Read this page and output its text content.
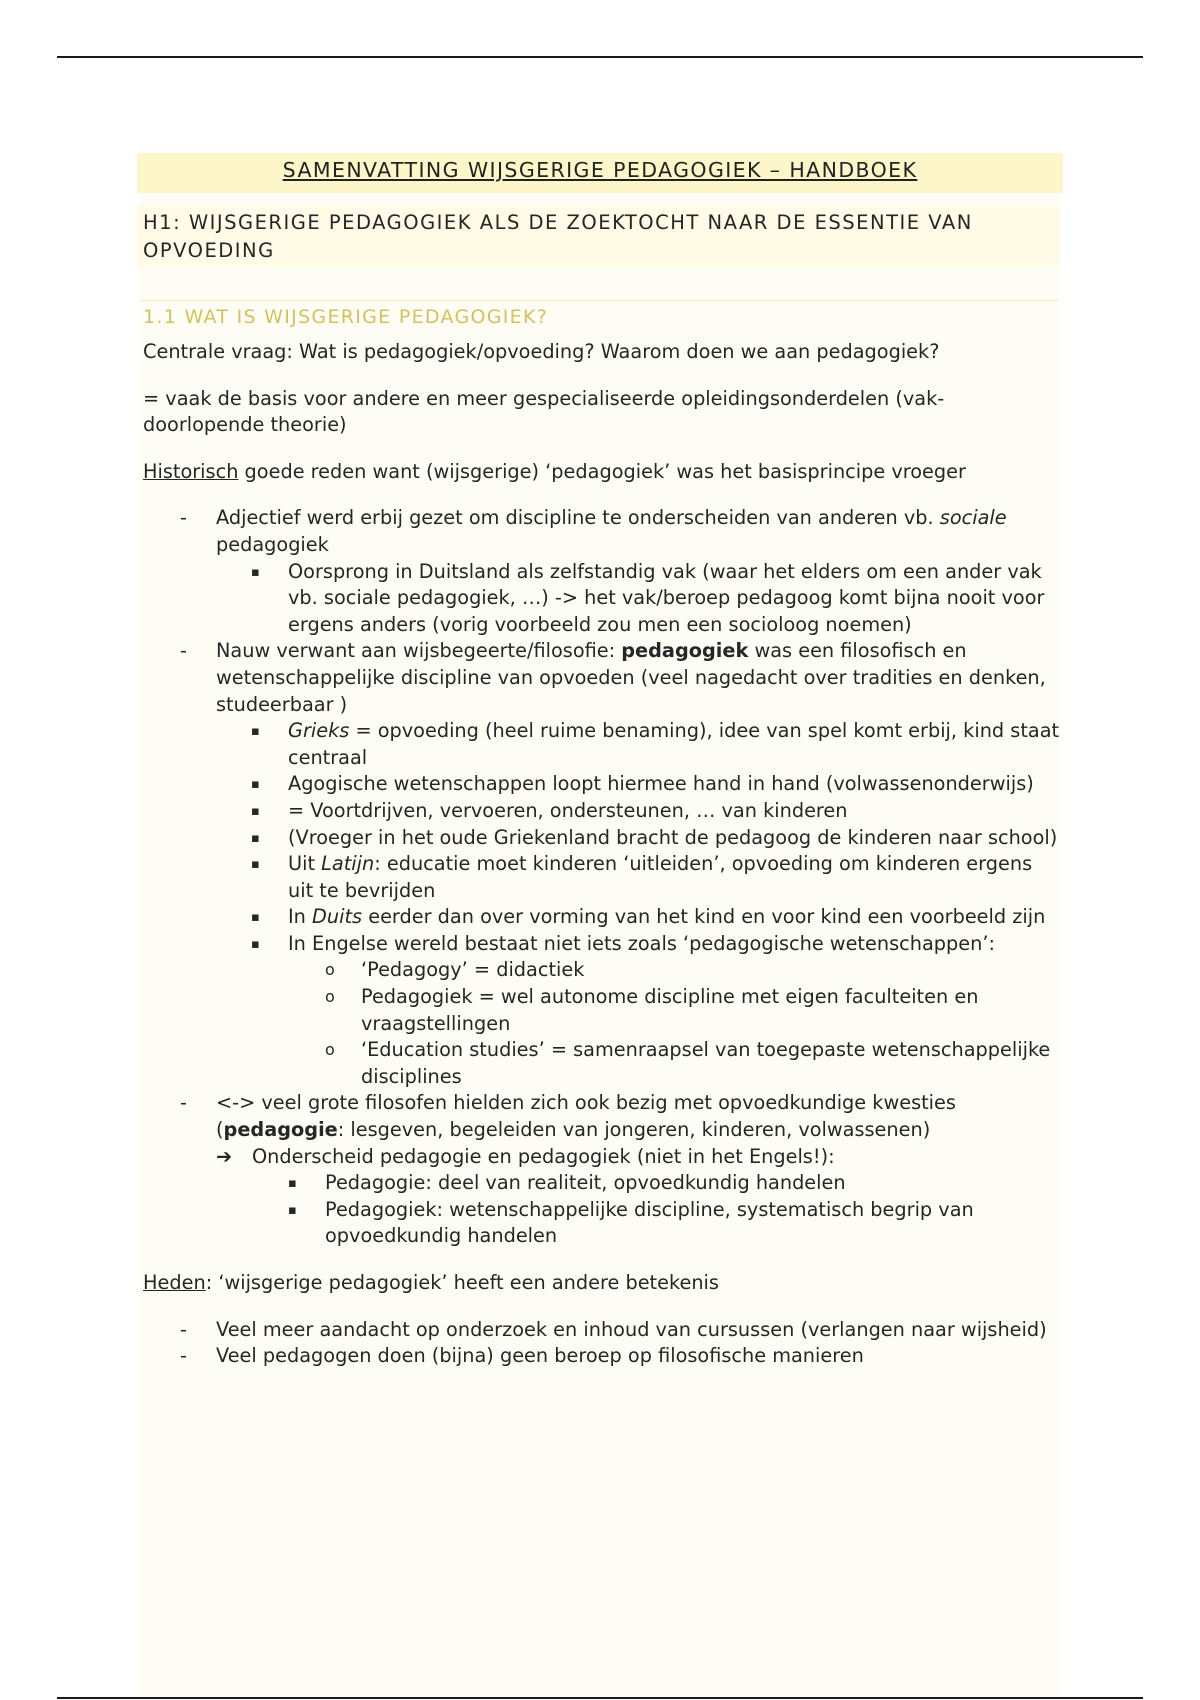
SAMENVATTING WIJSGERIGE PEDAGOGIEK – HANDBOEK
H1: WIJSGERIGE PEDAGOGIEK ALS DE ZOEKTOCHT NAAR DE ESSENTIE VAN OPVOEDING
1.1 WAT IS WIJSGERIGE PEDAGOGIEK?

Centrale vraag: Wat is pedagogiek/opvoeding? Waarom doen we aan pedagogiek?

= vaak de basis voor andere en meer gespecialiseerde opleidingsonderdelen (vak-doorlopende theorie)

Historisch goede reden want (wijsgerige) ‘pedagogiek’ was het basisprincipe vroeger

- Adjectief werd erbij gezet om discipline te onderscheiden van anderen vb. sociale pedagogiek
▪ Oorsprong in Duitsland als zelfstandig vak (waar het elders om een ander vak vb. sociale pedagogiek, …) -> het vak/beroep pedagoog komt bijna nooit voor ergens anders (vorig voorbeeld zou men een socioloog noemen)
- Nauw verwant aan wijsbegeerte/filosofie: pedagogiek was een filosofisch en wetenschappelijke discipline van opvoeden (veel nagedacht over tradities en denken, studeerbaar )
▪ Grieks = opvoeding (heel ruime benaming), idee van spel komt erbij, kind staat centraal
▪ Agogische wetenschappen loopt hiermee hand in hand (volwassenonderwijs)
▪ = Voortdrijven, vervoeren, ondersteunen, … van kinderen
▪ (Vroeger in het oude Griekenland bracht de pedagoog de kinderen naar school)
▪ Uit Latijn: educatie moet kinderen ‘uitleiden’, opvoeding om kinderen ergens uit te bevrijden
▪ In Duits eerder dan over vorming van het kind en voor kind een voorbeeld zijn
▪ In Engelse wereld bestaat niet iets zoals ‘pedagogische wetenschappen’:
o ‘Pedagogy’ = didactiek
o Pedagogiek = wel autonome discipline met eigen faculteiten en vraagstellingen
o ‘Education studies’ = samenraapsel van toegepaste wetenschappelijke disciplines
- <-> veel grote filosofen hielden zich ook bezig met opvoedkundige kwesties (pedagogie: lesgeven, begeleiden van jongeren, kinderen, volwassenen)
➔ Onderscheid pedagogie en pedagogiek (niet in het Engels!):
▪ Pedagogie: deel van realiteit, opvoedkundig handelen
▪ Pedagogiek: wetenschappelijke discipline, systematisch begrip van opvoedkundig handelen

Heden: ‘wijsgerige pedagogiek’ heeft een andere betekenis

- Veel meer aandacht op onderzoek en inhoud van cursussen (verlangen naar wijsheid)
- Veel pedagogen doen (bijna) geen beroep op filosofische manieren
